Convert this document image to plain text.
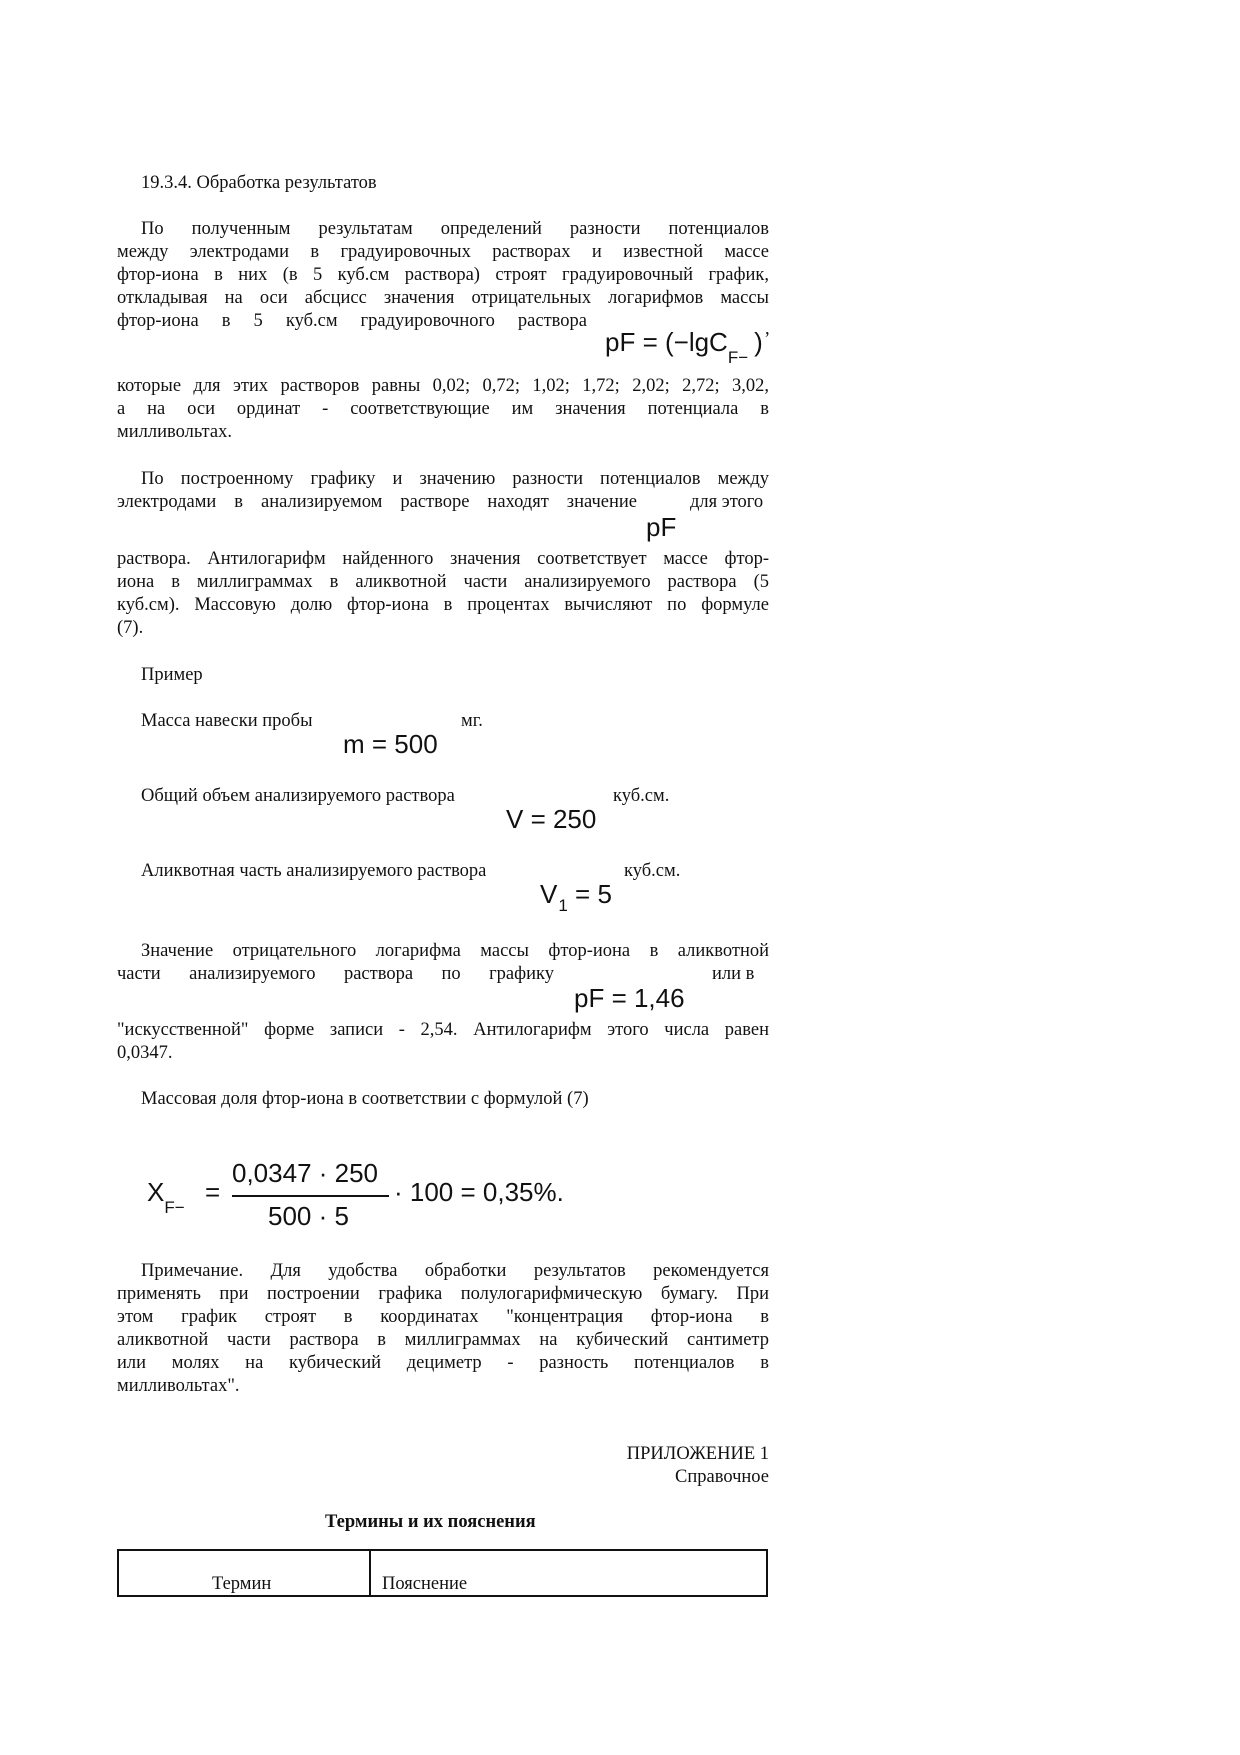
19.3.4. Обработка результатов

По полученным результатам определений разности потенциалов
между электродами в градуировочных растворах и известной массе
фтор-иона в них (в 5 куб.см раствора) строят градуировочный график,
откладывая на оси абсцисс значения отрицательных логарифмов массы
фтор-иона в 5 куб.см градуировочного раствора
pF = (−lgCF−) ,
которые для этих растворов равны 0,02; 0,72; 1,02; 1,72; 2,02; 2,72; 3,02,
а на оси ординат - соответствующие им значения потенциала в
милливольтах.
По построенному графику и значению разности потенциалов между
электродами в анализируемом растворе находят значение	для этого
pF
раствора. Антилогарифм найденного значения соответствует массе фтор-
иона в миллиграммах в аликвотной части анализируемого раствора (5
куб.см). Массовую долю фтор-иона в процентах вычисляют по формуле
(7).

Пример

Масса навески пробы

m = 500
мг.

Общий объем анализируемого раствора

V = 250
куб.см.

Аликвотная часть анализируемого раствора

V1 = 5
куб.см.
Значение отрицательного логарифма массы фтор-иона в аликвотной
части анализируемого раствора по графику	или в
pF = 1,46
"искусственной" форме записи - 2,54. Антилогарифм этого числа равен
0,0347.

Массовая доля фтор-иона в соответствии с формулой (7)

XF−
=
0,0347 · 250
500 · 5
· 100 = 0,35%.
Примечание. Для удобства обработки результатов рекомендуется
применять при построении графика полулогарифмическую бумагу. При
этом график строят в координатах "концентрация фтор-иона в
аликвотной части раствора в миллиграммах на кубический сантиметр
или молях на кубический дециметр - разность потенциалов в
милливольтах".

ПРИЛОЖЕНИЕ 1

Справочное

Термины и их пояснения

Термин	Пояснение
